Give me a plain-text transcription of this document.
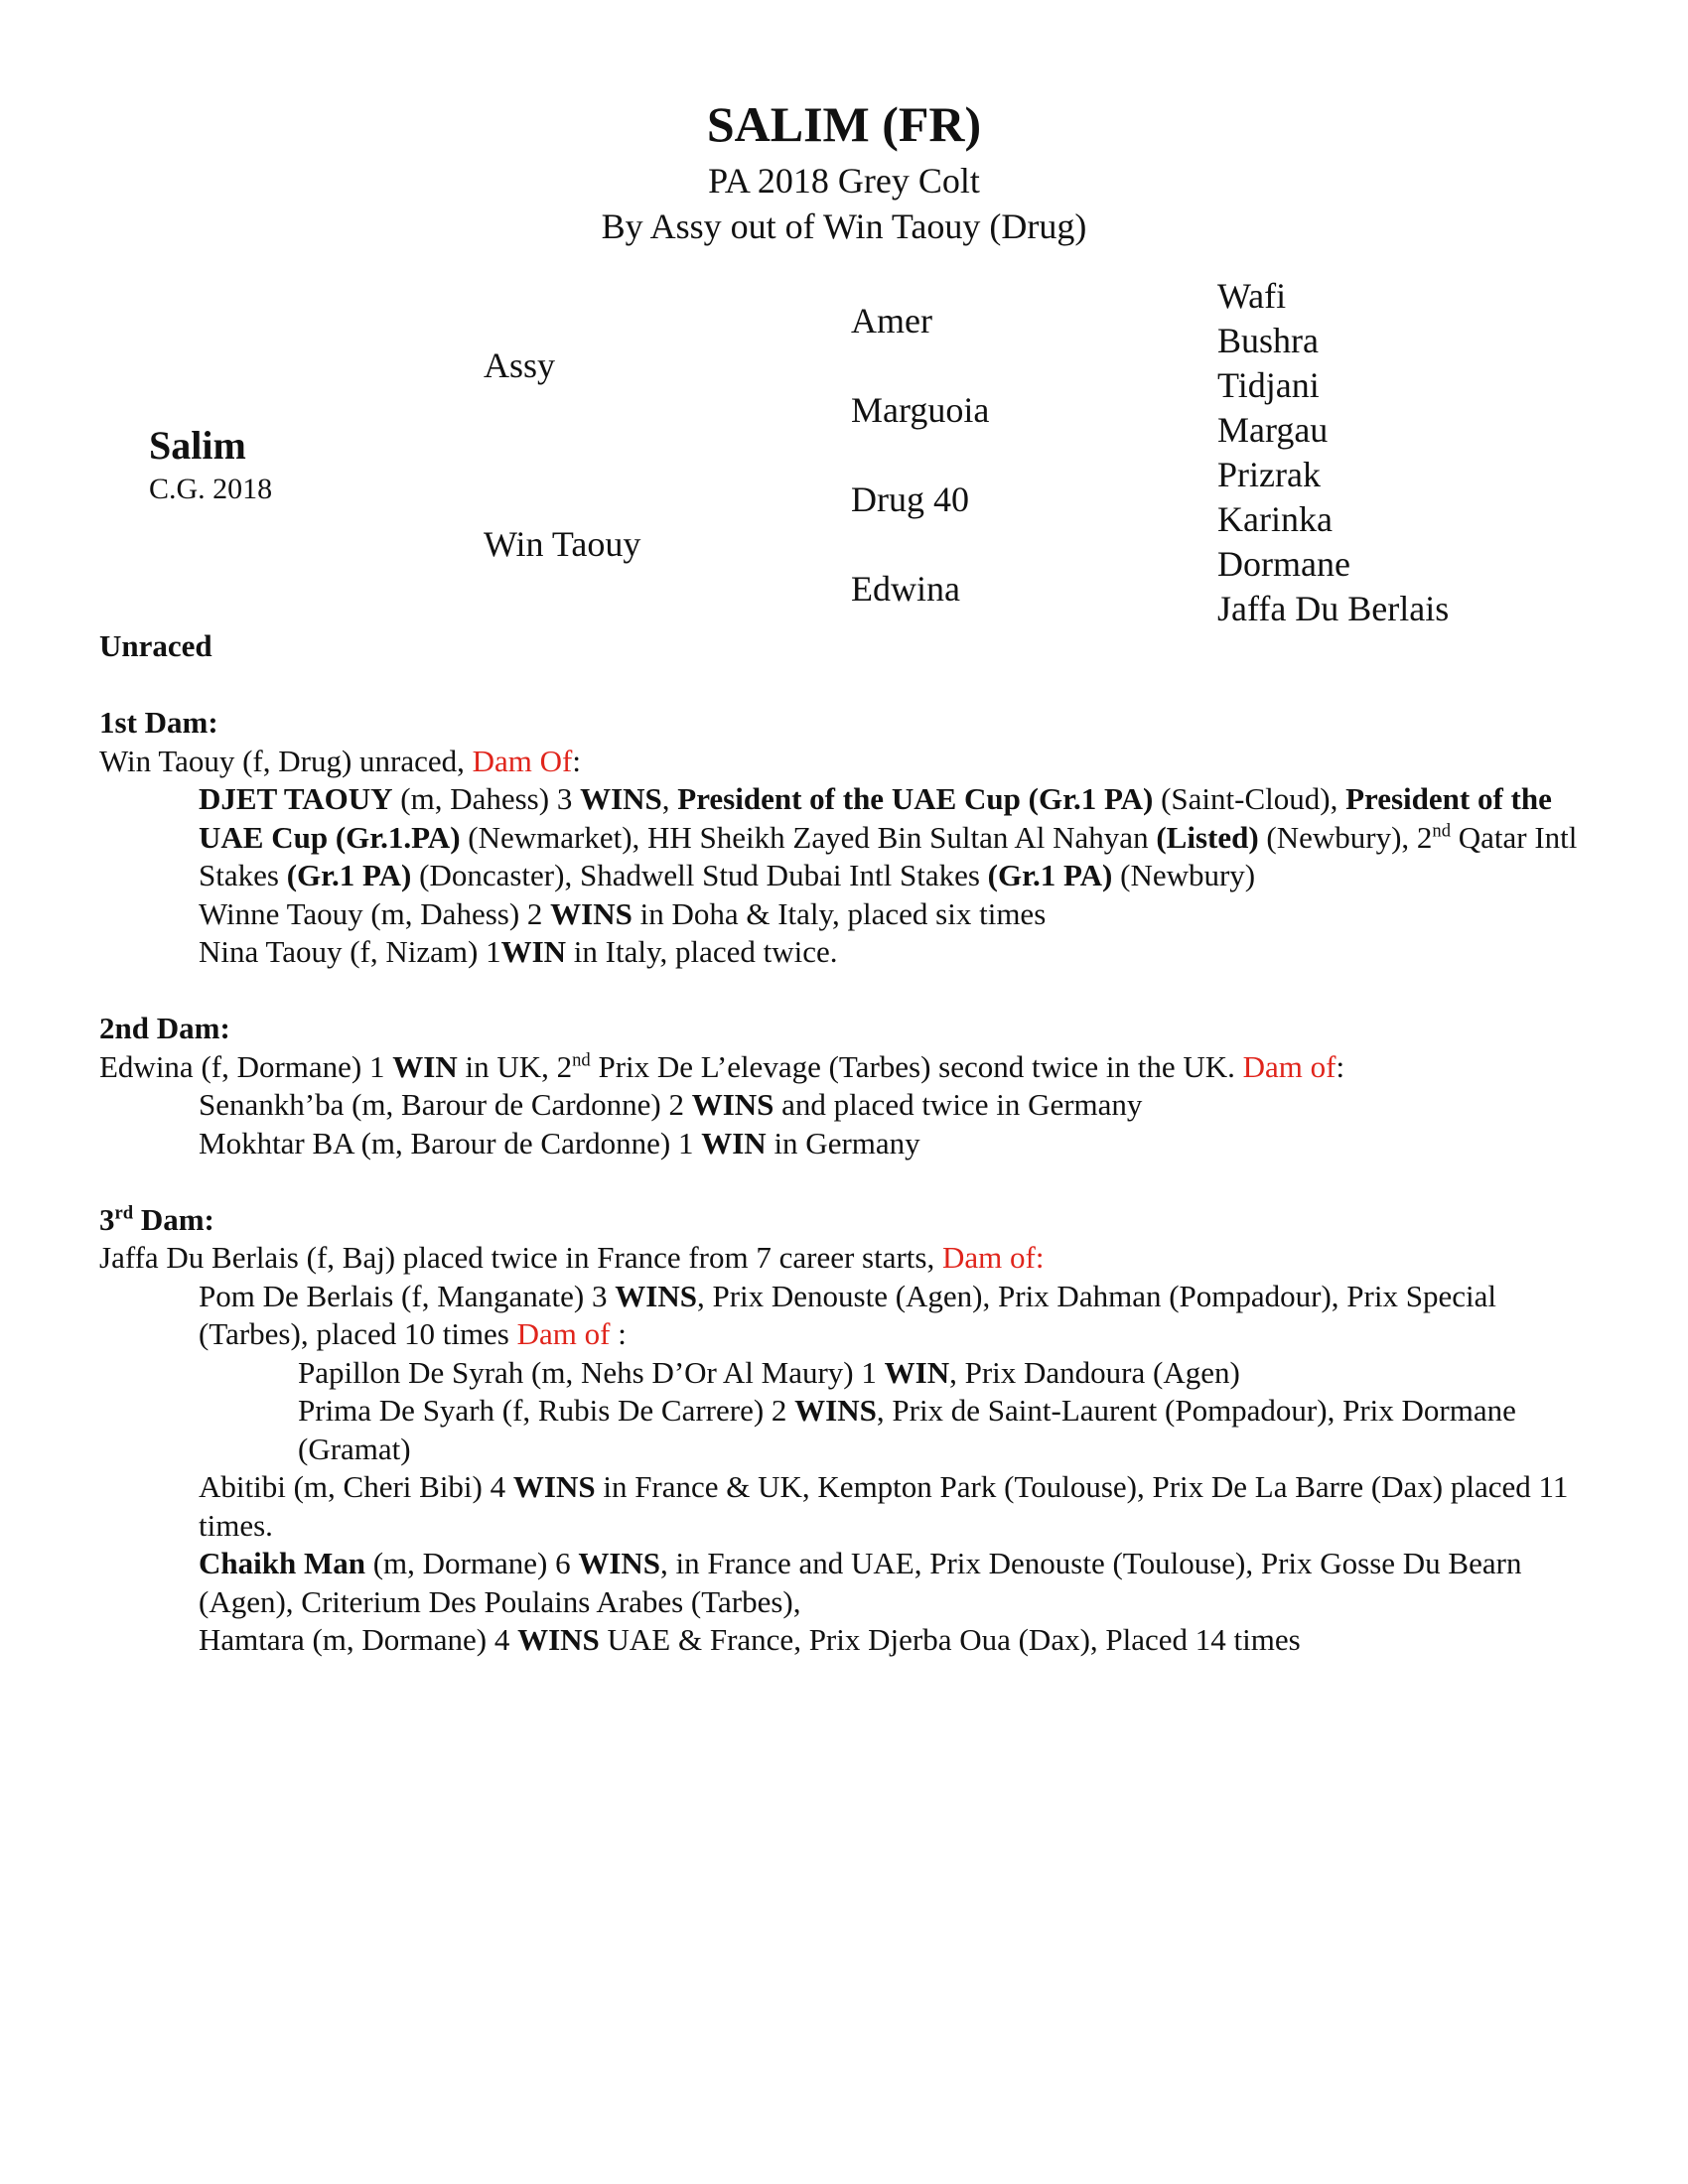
SALIM (FR)
PA 2018 Grey Colt
By Assy out of Win Taouy (Drug)
Salim
C.G. 2018
Assy
Win Taouy
Amer
Marguoia
Drug 40
Edwina
Wafi
Bushra
Tidjani
Margau
Prizrak
Karinka
Dormane
Jaffa Du Berlais

Unraced

1st Dam:

Win Taouy (f, Drug) unraced, Dam Of:

DJET TAOUY (m, Dahess) 3 WINS, President of the UAE Cup (Gr.1 PA) (Saint-Cloud), President of the UAE Cup (Gr.1.PA) (Newmarket), HH Sheikh Zayed Bin Sultan Al Nahyan (Listed) (Newbury), 2nd Qatar Intl Stakes (Gr.1 PA) (Doncaster), Shadwell Stud Dubai Intl Stakes (Gr.1 PA) (Newbury)

Winne Taouy (m, Dahess) 2 WINS in Doha & Italy, placed six times

Nina Taouy (f, Nizam) 1WIN in Italy, placed twice.

2nd Dam:

Edwina (f, Dormane) 1 WIN in UK, 2nd Prix De L’elevage (Tarbes) second twice in the UK. Dam of:

Senankh’ba (m, Barour de Cardonne) 2 WINS and placed twice in Germany

Mokhtar BA (m, Barour de Cardonne) 1 WIN in Germany

3rd Dam:

Jaffa Du Berlais (f, Baj) placed twice in France from 7 career starts, Dam of:

Pom De Berlais (f, Manganate) 3 WINS, Prix Denouste (Agen), Prix Dahman (Pompadour), Prix Special (Tarbes), placed 10 times Dam of :

Papillon De Syrah (m, Nehs D’Or Al Maury) 1 WIN, Prix Dandoura (Agen)

Prima De Syarh (f, Rubis De Carrere) 2 WINS, Prix de Saint-Laurent (Pompadour), Prix Dormane (Gramat)

Abitibi (m, Cheri Bibi) 4 WINS in France & UK, Kempton Park (Toulouse), Prix De La Barre (Dax) placed 11 times.

Chaikh Man (m, Dormane) 6 WINS, in France and UAE, Prix Denouste (Toulouse), Prix Gosse Du Bearn (Agen), Criterium Des Poulains Arabes (Tarbes),

Hamtara (m, Dormane) 4 WINS UAE & France, Prix Djerba Oua (Dax), Placed 14 times
